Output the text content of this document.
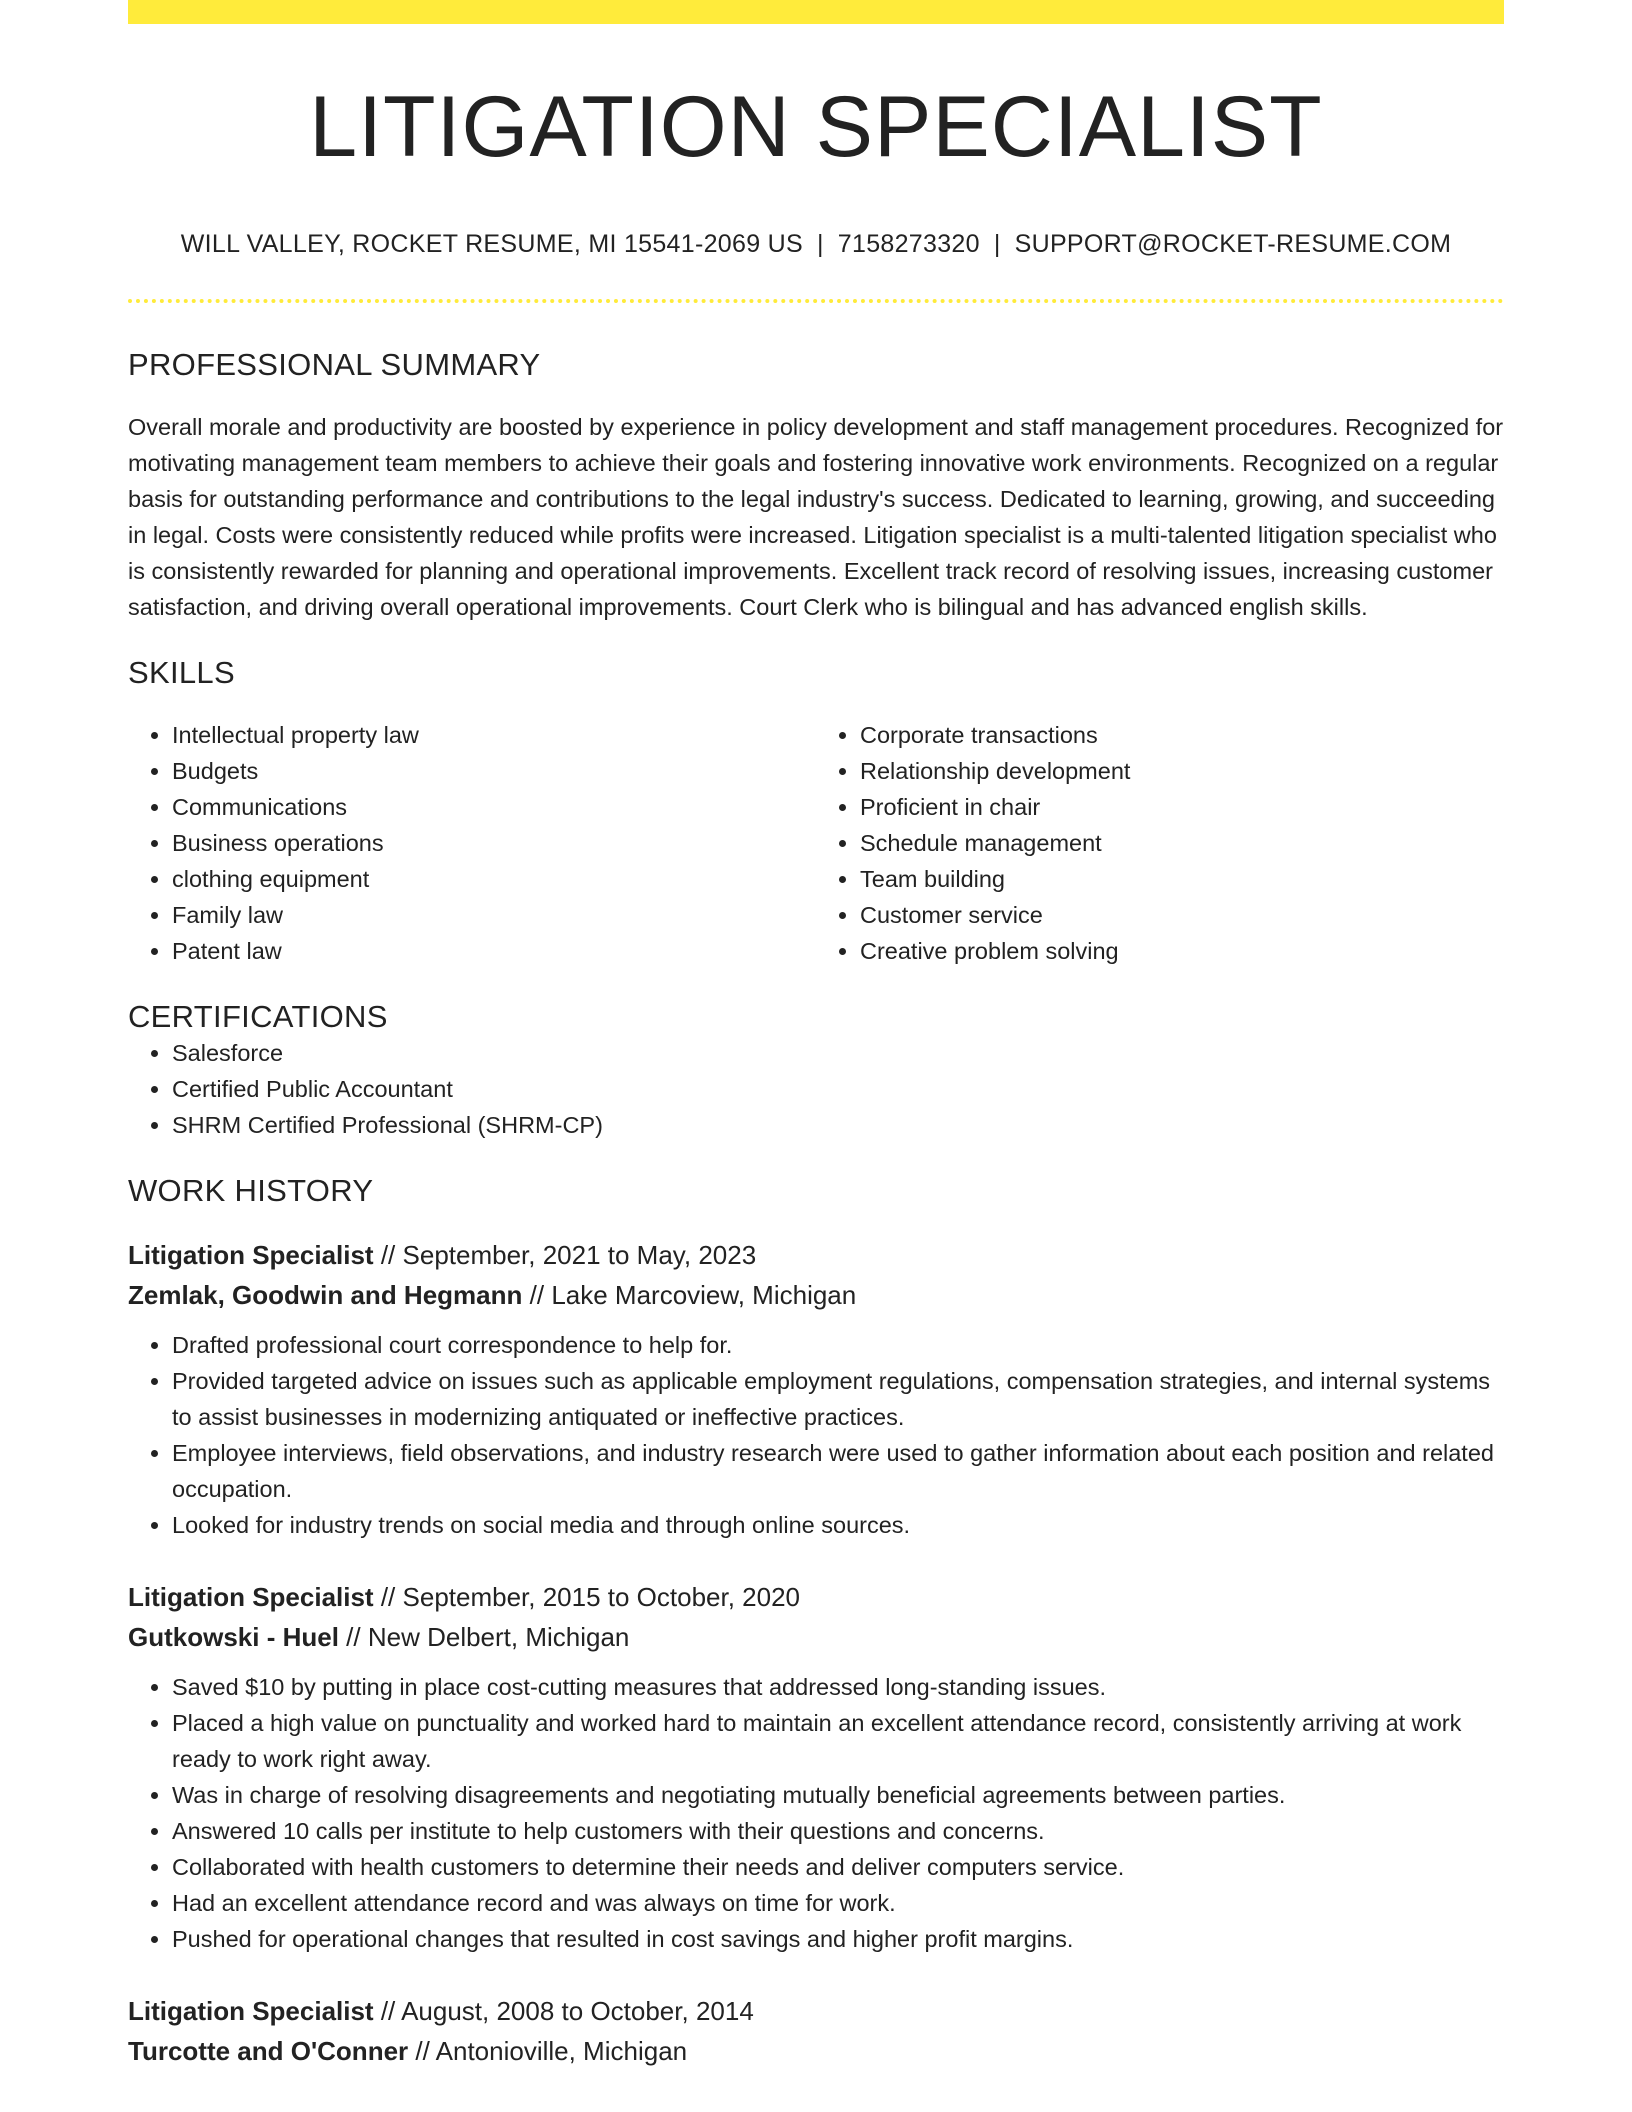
LITIGATION SPECIALIST
WILL VALLEY, ROCKET RESUME, MI 15541-2069 US | 7158273320 | SUPPORT@ROCKET-RESUME.COM
PROFESSIONAL SUMMARY
Overall morale and productivity are boosted by experience in policy development and staff management procedures. Recognized for motivating management team members to achieve their goals and fostering innovative work environments. Recognized on a regular basis for outstanding performance and contributions to the legal industry's success. Dedicated to learning, growing, and succeeding in legal. Costs were consistently reduced while profits were increased. Litigation specialist is a multi-talented litigation specialist who is consistently rewarded for planning and operational improvements. Excellent track record of resolving issues, increasing customer satisfaction, and driving overall operational improvements. Court Clerk who is bilingual and has advanced english skills.
SKILLS
• Intellectual property law
• Budgets
• Communications
• Business operations
• clothing equipment
• Family law
• Patent law
• Corporate transactions
• Relationship development
• Proficient in chair
• Schedule management
• Team building
• Customer service
• Creative problem solving
CERTIFICATIONS
• Salesforce
• Certified Public Accountant
• SHRM Certified Professional (SHRM-CP)
WORK HISTORY
Litigation Specialist // September, 2021 to May, 2023
Zemlak, Goodwin and Hegmann // Lake Marcoview, Michigan
• Drafted professional court correspondence to help for.
• Provided targeted advice on issues such as applicable employment regulations, compensation strategies, and internal systems to assist businesses in modernizing antiquated or ineffective practices.
• Employee interviews, field observations, and industry research were used to gather information about each position and related occupation.
• Looked for industry trends on social media and through online sources.
Litigation Specialist // September, 2015 to October, 2020
Gutkowski - Huel // New Delbert, Michigan
• Saved $10 by putting in place cost-cutting measures that addressed long-standing issues.
• Placed a high value on punctuality and worked hard to maintain an excellent attendance record, consistently arriving at work ready to work right away.
• Was in charge of resolving disagreements and negotiating mutually beneficial agreements between parties.
• Answered 10 calls per institute to help customers with their questions and concerns.
• Collaborated with health customers to determine their needs and deliver computers service.
• Had an excellent attendance record and was always on time for work.
• Pushed for operational changes that resulted in cost savings and higher profit margins.
Litigation Specialist // August, 2008 to October, 2014
Turcotte and O'Conner // Antonioville, Michigan
